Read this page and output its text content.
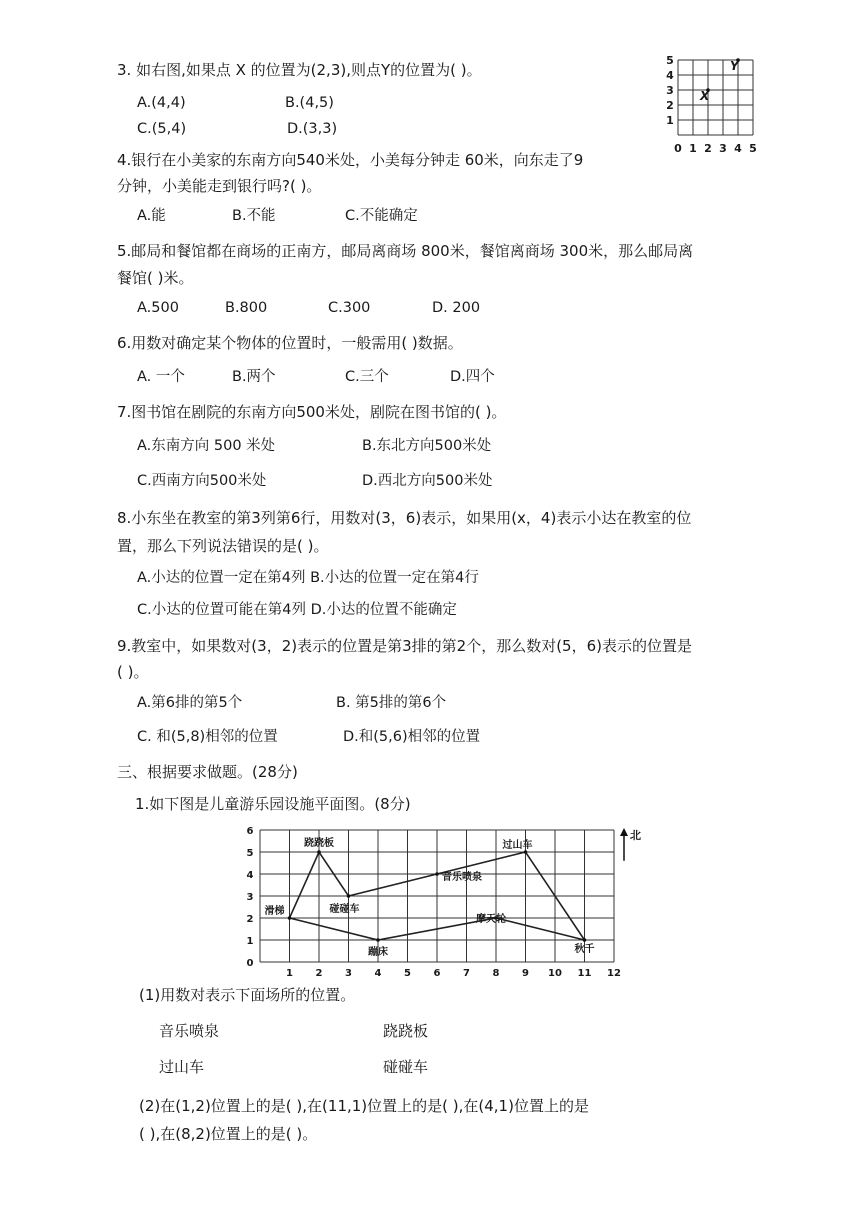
3. 如右图,如果点 X 的位置为(2,3),则点Y的位置为( )。
A.(4,4)	B.(4,5)
C.(5,4)	D.(3,3)
0 1 2 3 4 5
1
2
3
4
5
X
Y
4.银行在小美家的东南方向540米处，小美每分钟走 60米，向东走了9
分钟，小美能走到银行吗?( )。
A.能	B.不能	C.不能确定
5.邮局和餐馆都在商场的正南方，邮局离商场 800米，餐馆离商场 300米，那么邮局离
餐馆( )米。
A.500	B.800	C.300	D. 200
6.用数对确定某个物体的位置时，一般需用( )数据。
A. 一个	B.两个	C.三个	D.四个
7.图书馆在剧院的东南方向500米处，剧院在图书馆的( )。
A.东南方向 500 米处	B.东北方向500米处
C.西南方向500米处	D.西北方向500米处
8.小东坐在教室的第3列第6行，用数对(3，6)表示，如果用(x，4)表示小达在教室的位
置，那么下列说法错误的是( )。
A.小达的位置一定在第4列 B.小达的位置一定在第4行
C.小达的位置可能在第4列 D.小达的位置不能确定
9.教室中，如果数对(3，2)表示的位置是第3排的第2个，那么数对(5，6)表示的位置是
( )。
A.第6排的第5个	B. 第5排的第6个
C. 和(5,8)相邻的位置	D.和(5,6)相邻的位置
三、根据要求做题。(28分)
1.如下图是儿童游乐园设施平面图。(8分)
1 2 3 4 5 6 7 8 9 10 11 12
0
1
2
3
4
5
6
滑梯
跷跷板
碰碰车
音乐喷泉
过山车
秋千
摩天轮
蹦床
北
(1)用数对表示下面场所的位置。
音乐喷泉	跷跷板
过山车	碰碰车
(2)在(1,2)位置上的是( ),在(11,1)位置上的是( ),在(4,1)位置上的是
( ),在(8,2)位置上的是( )。
